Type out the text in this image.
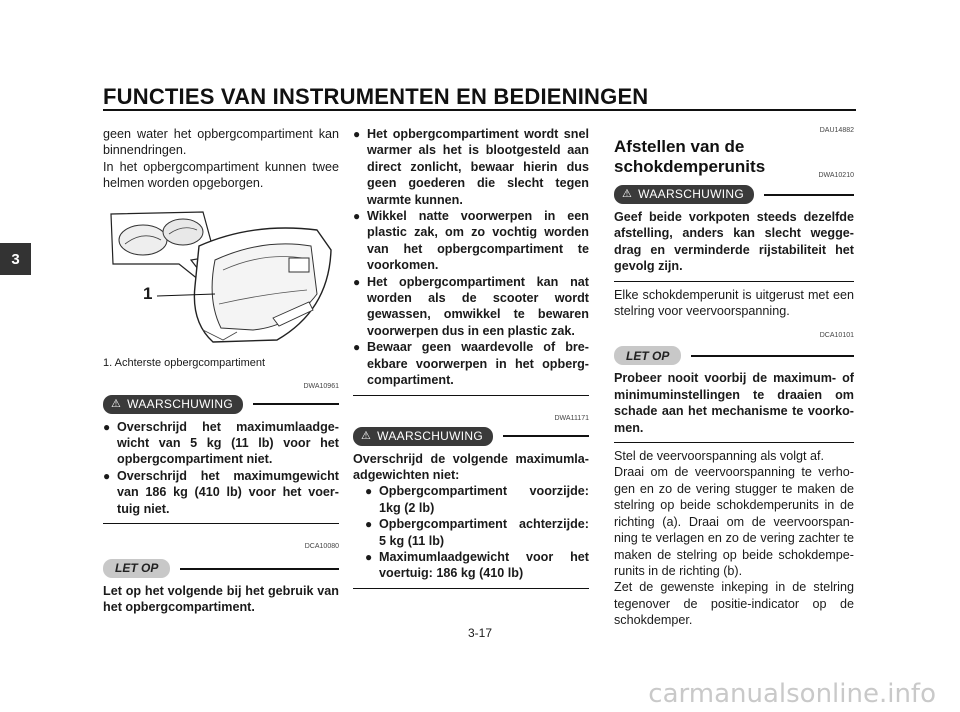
FUNCTIES VAN INSTRUMENTEN EN BEDIENINGEN
3

geen water het opbergcompartiment kan binnendringen.

In het opbergcompartiment kunnen twee helmen worden opgeborgen.

1

1. Achterste opbergcompartiment

DWA10961
⚠ WAARSCHUWING
● Overschrijd het maximumlaadge-wicht van 5 kg (11 lb) voor het opbergcompartiment niet.
● Overschrijd het maximumgewicht van 186 kg (410 lb) voor het voer-tuig niet.
DCA10080
LET OP

Let op het volgende bij het gebruik van het opbergcompartiment.

● Het opbergcompartiment wordt snel warmer als het is blootgesteld aan direct zonlicht, bewaar hierin dus geen goederen die slecht tegen warmte kunnen.
● Wikkel natte voorwerpen in een plastic zak, om zo vochtig worden van het opbergcompartiment te voorkomen.
● Het opbergcompartiment kan nat worden als de scooter wordt gewassen, omwikkel te bewaren voorwerpen dus in een plastic zak.
● Bewaar geen waardevolle of bre-ekbare voorwerpen in het opberg-compartiment.
DWA11171
⚠ WAARSCHUWING

Overschrijd de volgende maximumla-adgewichten niet:

● Opbergcompartiment voorzijde: 1kg (2 lb)
● Opbergcompartiment achterzijde: 5 kg (11 lb)
● Maximumlaadgewicht voor het voertuig: 186 kg (410 lb)
DAU14882
Afstellen van de schokdemperunits	DWA10210
⚠ WAARSCHUWING

Geef beide vorkpoten steeds dezelfde afstelling, anders kan slecht wegge-drag en verminderde rijstabiliteit het gevolg zijn.

Elke schokdemperunit is uitgerust met een stelring voor veervoorspanning.

DCA10101
LET OP

Probeer nooit voorbij de maximum- of minimuminstellingen te draaien om schade aan het mechanisme te voorko-men.

Stel de veervoorspanning als volgt af.

Draai om de veervoorspanning te verho-gen en zo de vering stugger te maken de stelring op beide schokdemperunits in de richting (a). Draai om de veervoorspan-ning te verlagen en zo de vering zachter te maken de stelring op beide schokdempe-runits in de richting (b).

Zet de gewenste inkeping in de stelring tegenover de positie-indicator op de schokdemper.

3-17
carmanualsonline.info
